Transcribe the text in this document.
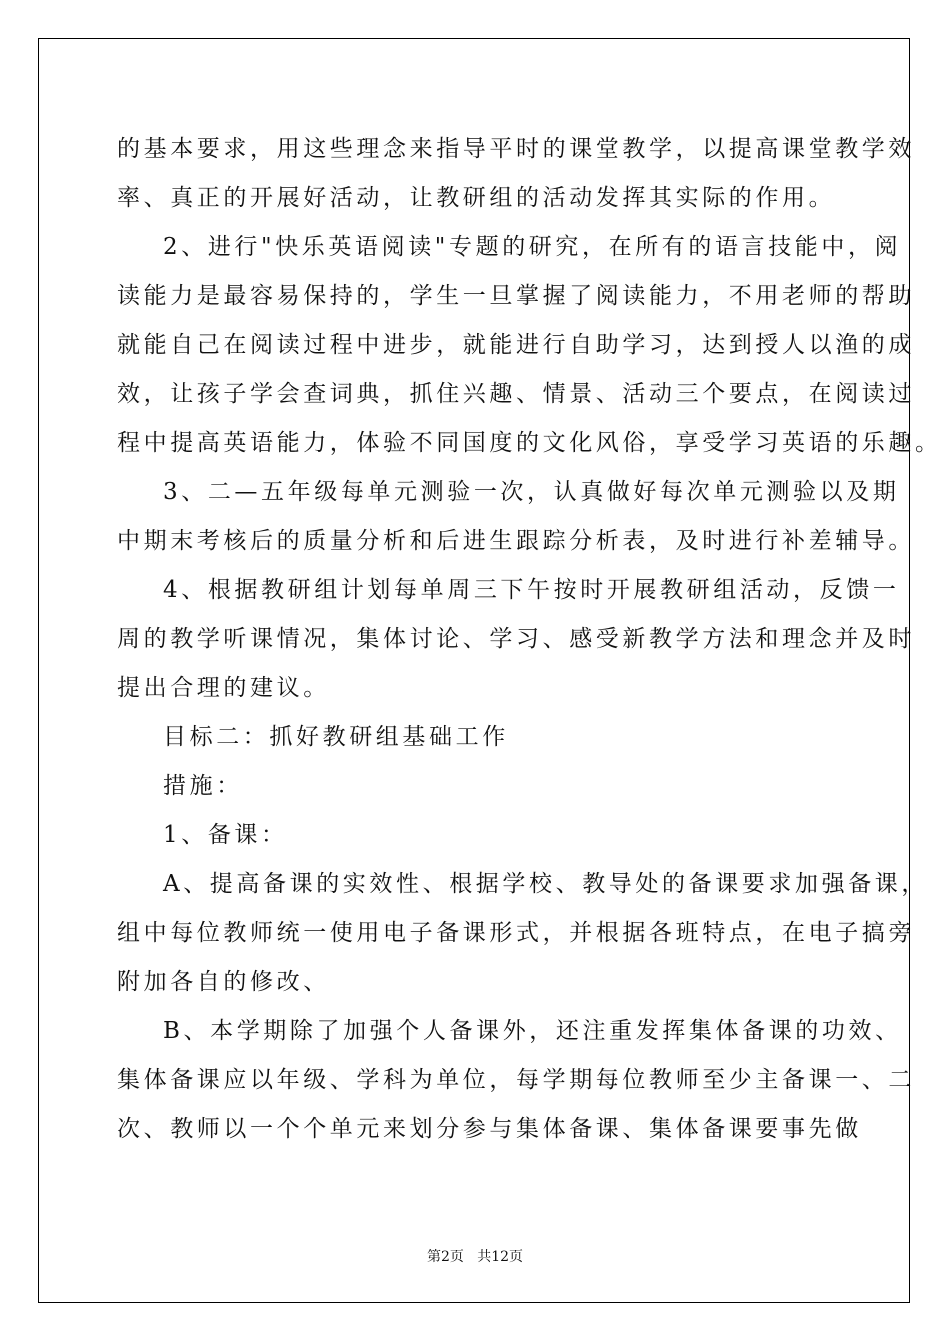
的基本要求，用这些理念来指导平时的课堂教学，以提高课堂教学效
率、真正的开展好活动，让教研组的活动发挥其实际的作用。
2、进行"快乐英语阅读"专题的研究，在所有的语言技能中，阅
读能力是最容易保持的，学生一旦掌握了阅读能力，不用老师的帮助
就能自己在阅读过程中进步，就能进行自助学习，达到授人以渔的成
效，让孩子学会查词典，抓住兴趣、情景、活动三个要点，在阅读过
程中提高英语能力，体验不同国度的文化风俗，享受学习英语的乐趣。
3、二—五年级每单元测验一次，认真做好每次单元测验以及期
中期末考核后的质量分析和后进生跟踪分析表，及时进行补差辅导。
4、根据教研组计划每单周三下午按时开展教研组活动，反馈一
周的教学听课情况，集体讨论、学习、感受新教学方法和理念并及时
提出合理的建议。
目标二：抓好教研组基础工作
措施：
1、备课：
A、提高备课的实效性、根据学校、教导处的备课要求加强备课，
组中每位教师统一使用电子备课形式，并根据各班特点，在电子搞旁
附加各自的修改、
B、本学期除了加强个人备课外，还注重发挥集体备课的功效、
集体备课应以年级、学科为单位，每学期每位教师至少主备课一、二
次、教师以一个个单元来划分参与集体备课、集体备课要事先做
第2页   共12页
